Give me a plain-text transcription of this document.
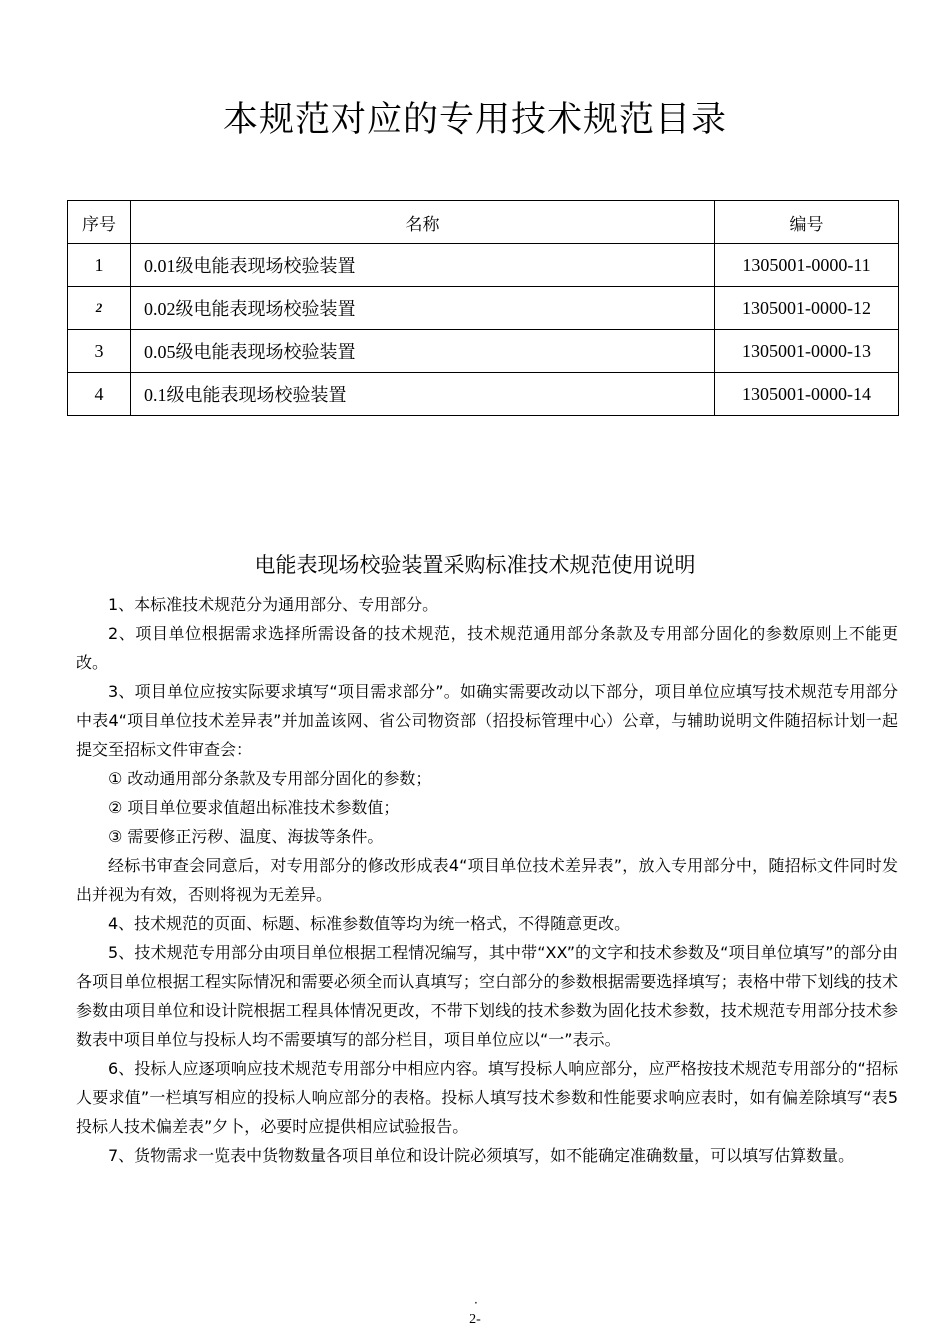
本规范对应的专用技术规范目录
序号	名称	编号
1	0.01级电能表现场校验装置	1305001-0000-11
2	0.02级电能表现场校验装置	1305001-0000-12
3	0.05级电能表现场校验装置	1305001-0000-13
4	0.1级电能表现场校验装置	1305001-0000-14
电能表现场校验装置采购标准技术规范使用说明

1、本标准技术规范分为通用部分、专用部分。

2、项目单位根据需求选择所需设备的技术规范，技术规范通用部分条款及专用部分固化的参数原则上不能更改。

3、项目单位应按实际要求填写“项目需求部分”。如确实需要改动以下部分，项目单位应填写技术规范专用部分中表4“项目单位技术差异表”并加盖该网、省公司物资部（招投标管理中心）公章，与辅助说明文件随招标计划一起提交至招标文件审查会：

① 改动通用部分条款及专用部分固化的参数；

② 项目单位要求值超出标准技术参数值；

③ 需要修正污秽、温度、海拔等条件。

经标书审查会同意后，对专用部分的修改形成表4“项目单位技术差异表”，放入专用部分中，随招标文件同时发出并视为有效，否则将视为无差异。

4、技术规范的页面、标题、标准参数值等均为统一格式，不得随意更改。

5、技术规范专用部分由项目单位根据工程情况编写，其中带“XX”的文字和技术参数及“项目单位填写”的部分由各项目单位根据工程实际情况和需要必须全而认真填写；空白部分的参数根据需要选择填写；表格中带下划线的技术参数由项目单位和设计院根据工程具体情况更改，不带下划线的技术参数为固化技术参数，技术规范专用部分技术参数表中项目单位与投标人均不需要填写的部分栏目，项目单位应以“一”表示。

6、投标人应逐项响应技术规范专用部分中相应内容。填写投标人响应部分，应严格按技术规范专用部分的“招标人要求值”一栏填写相应的投标人响应部分的表格。投标人填写技术参数和性能要求响应表时，如有偏差除填写“表5投标人技术偏差表”夕卜，必要时应提供相应试验报告。

7、货物需求一览表中货物数量各项目单位和设计院必须填写，如不能确定准确数量，可以填写估算数量。

·
2-
